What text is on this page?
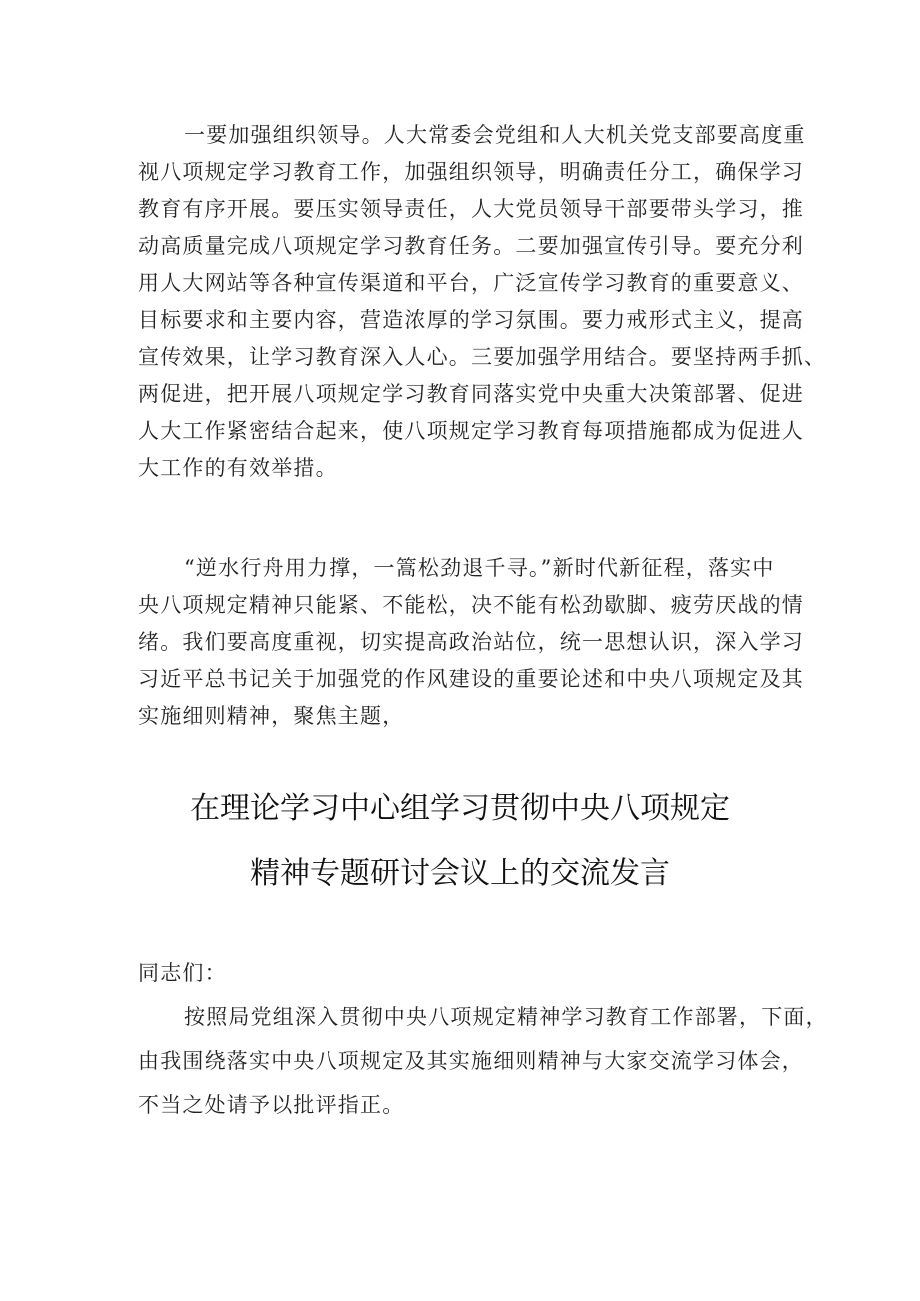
一要加强组织领导。人大常委会党组和人大机关党支部要高度重
视八项规定学习教育工作，加强组织领导，明确责任分工，确保学习
教育有序开展。要压实领导责任，人大党员领导干部要带头学习，推
动高质量完成八项规定学习教育任务。二要加强宣传引导。要充分利
用人大网站等各种宣传渠道和平台，广泛宣传学习教育的重要意义、
目标要求和主要内容，营造浓厚的学习氛围。要力戒形式主义，提高
宣传效果，让学习教育深入人心。三要加强学用结合。要坚持两手抓、
两促进，把开展八项规定学习教育同落实党中央重大决策部署、促进
人大工作紧密结合起来，使八项规定学习教育每项措施都成为促进人
大工作的有效举措。
“逆水行舟用力撑，一篙松劲退千寻。”新时代新征程，落实中
央八项规定精神只能紧、不能松，决不能有松劲歇脚、疲劳厌战的情
绪。我们要高度重视，切实提高政治站位，统一思想认识，深入学习
习近平总书记关于加强党的作风建设的重要论述和中央八项规定及其
实施细则精神，聚焦主题，
在理论学习中心组学习贯彻中央八项规定
精神专题研讨会议上的交流发言
同志们：
按照局党组深入贯彻中央八项规定精神学习教育工作部署，下面，
由我围绕落实中央八项规定及其实施细则精神与大家交流学习体会，
不当之处请予以批评指正。
